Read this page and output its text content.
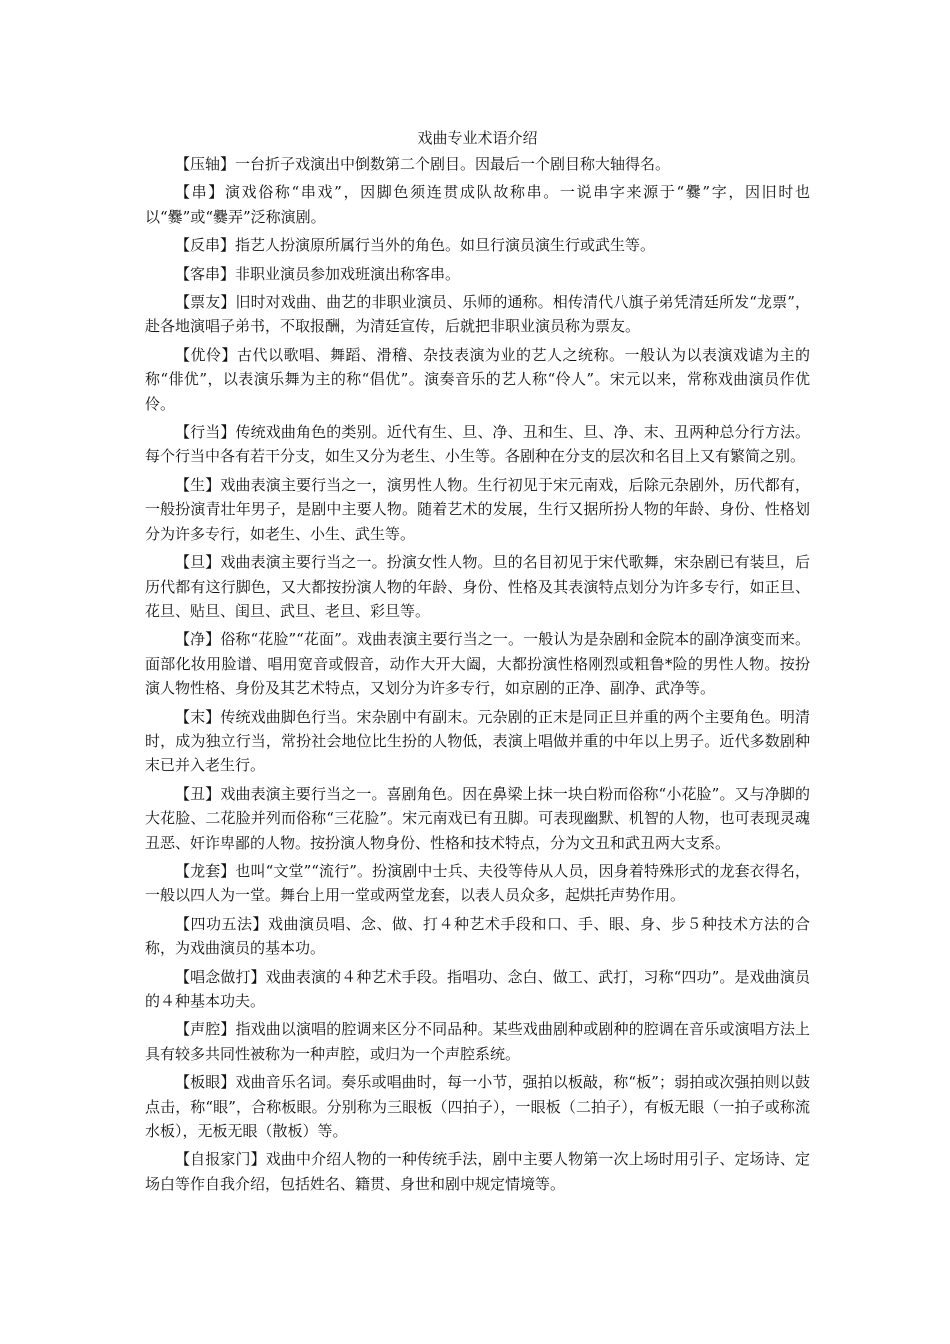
戏曲专业术语介绍

【压轴】一台折子戏演出中倒数第二个剧目。因最后一个剧目称大轴得名。

【串】演戏俗称“串戏”，因脚色须连贯成队故称串。一说串字来源于“爨”字，因旧时也以“爨”或“爨弄”泛称演剧。

【反串】指艺人扮演原所属行当外的角色。如旦行演员演生行或武生等。

【客串】非职业演员参加戏班演出称客串。

【票友】旧时对戏曲、曲艺的非职业演员、乐师的通称。相传清代八旗子弟凭清廷所发“龙票”，赴各地演唱子弟书，不取报酬，为清廷宣传，后就把非职业演员称为票友。

【优伶】古代以歌唱、舞蹈、滑稽、杂技表演为业的艺人之统称。一般认为以表演戏谑为主的称“俳优”，以表演乐舞为主的称“倡优”。演奏音乐的艺人称“伶人”。宋元以来，常称戏曲演员作优伶。

【行当】传统戏曲角色的类别。近代有生、旦、净、丑和生、旦、净、末、丑两种总分行方法。每个行当中各有若干分支，如生又分为老生、小生等。各剧种在分支的层次和名目上又有繁简之别。

【生】戏曲表演主要行当之一，演男性人物。生行初见于宋元南戏，后除元杂剧外，历代都有，一般扮演青壮年男子，是剧中主要人物。随着艺术的发展，生行又据所扮人物的年龄、身份、性格划分为许多专行，如老生、小生、武生等。

【旦】戏曲表演主要行当之一。扮演女性人物。旦的名目初见于宋代歌舞，宋杂剧已有装旦，后历代都有这行脚色，又大都按扮演人物的年龄、身份、性格及其表演特点划分为许多专行，如正旦、花旦、贴旦、闺旦、武旦、老旦、彩旦等。

【净】俗称“花脸”“花面”。戏曲表演主要行当之一。一般认为是杂剧和金院本的副净演变而来。面部化妆用脸谱、唱用宽音或假音，动作大开大阖，大都扮演性格刚烈或粗鲁*险的男性人物。按扮演人物性格、身份及其艺术特点，又划分为许多专行，如京剧的正净、副净、武净等。

【末】传统戏曲脚色行当。宋杂剧中有副末。元杂剧的正末是同正旦并重的两个主要角色。明清时，成为独立行当，常扮社会地位比生扮的人物低，表演上唱做并重的中年以上男子。近代多数剧种末已并入老生行。

【丑】戏曲表演主要行当之一。喜剧角色。因在鼻梁上抹一块白粉而俗称“小花脸”。又与净脚的大花脸、二花脸并列而俗称“三花脸”。宋元南戏已有丑脚。可表现幽默、机智的人物，也可表现灵魂丑恶、奸诈卑鄙的人物。按扮演人物身份、性格和技术特点，分为文丑和武丑两大支系。

【龙套】也叫“文堂”“流行”。扮演剧中士兵、夫役等侍从人员，因身着特殊形式的龙套衣得名，一般以四人为一堂。舞台上用一堂或两堂龙套，以表人员众多，起烘托声势作用。

【四功五法】戏曲演员唱、念、做、打４种艺术手段和口、手、眼、身、步５种技术方法的合称，为戏曲演员的基本功。

【唱念做打】戏曲表演的４种艺术手段。指唱功、念白、做工、武打，习称“四功”。是戏曲演员的４种基本功夫。

【声腔】指戏曲以演唱的腔调来区分不同品种。某些戏曲剧种或剧种的腔调在音乐或演唱方法上具有较多共同性被称为一种声腔，或归为一个声腔系统。

【板眼】戏曲音乐名词。奏乐或唱曲时，每一小节，强拍以板敲，称“板”；弱拍或次强拍则以鼓点击，称“眼”，合称板眼。分别称为三眼板（四拍子），一眼板（二拍子），有板无眼（一拍子或称流水板），无板无眼（散板）等。

【自报家门】戏曲中介绍人物的一种传统手法，剧中主要人物第一次上场时用引子、定场诗、定场白等作自我介绍，包括姓名、籍贯、身世和剧中规定情境等。
